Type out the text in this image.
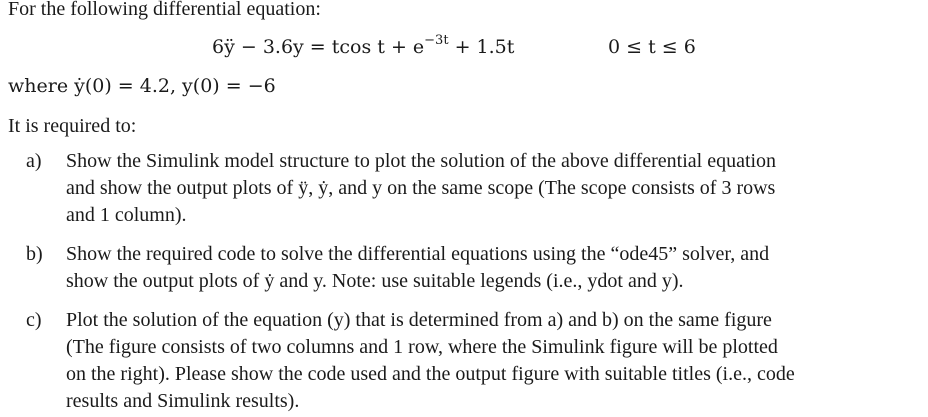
For the following differential equation:
6ÿ − 3.6y = tcos $t + e^{-3t} + 1.5t$	0 ≤ t ≤ 6
where ẏ(0) = 4.2, y(0) = −6
It is required to:
a) Show the Simulink model structure to plot the solution of the above differential equation
and show the output plots of ÿ, ẏ, and y on the same scope (The scope consists of 3 rows
and 1 column).
b) Show the required code to solve the differential equations using the “ode45” solver, and
show the output plots of ẏ and y. Note: use suitable legends (i.e., ydot and y).
c) Plot the solution of the equation (y) that is determined from a) and b) on the same figure
(The figure consists of two columns and 1 row, where the Simulink figure will be plotted
on the right). Please show the code used and the output figure with suitable titles (i.e., code
results and Simulink results).
